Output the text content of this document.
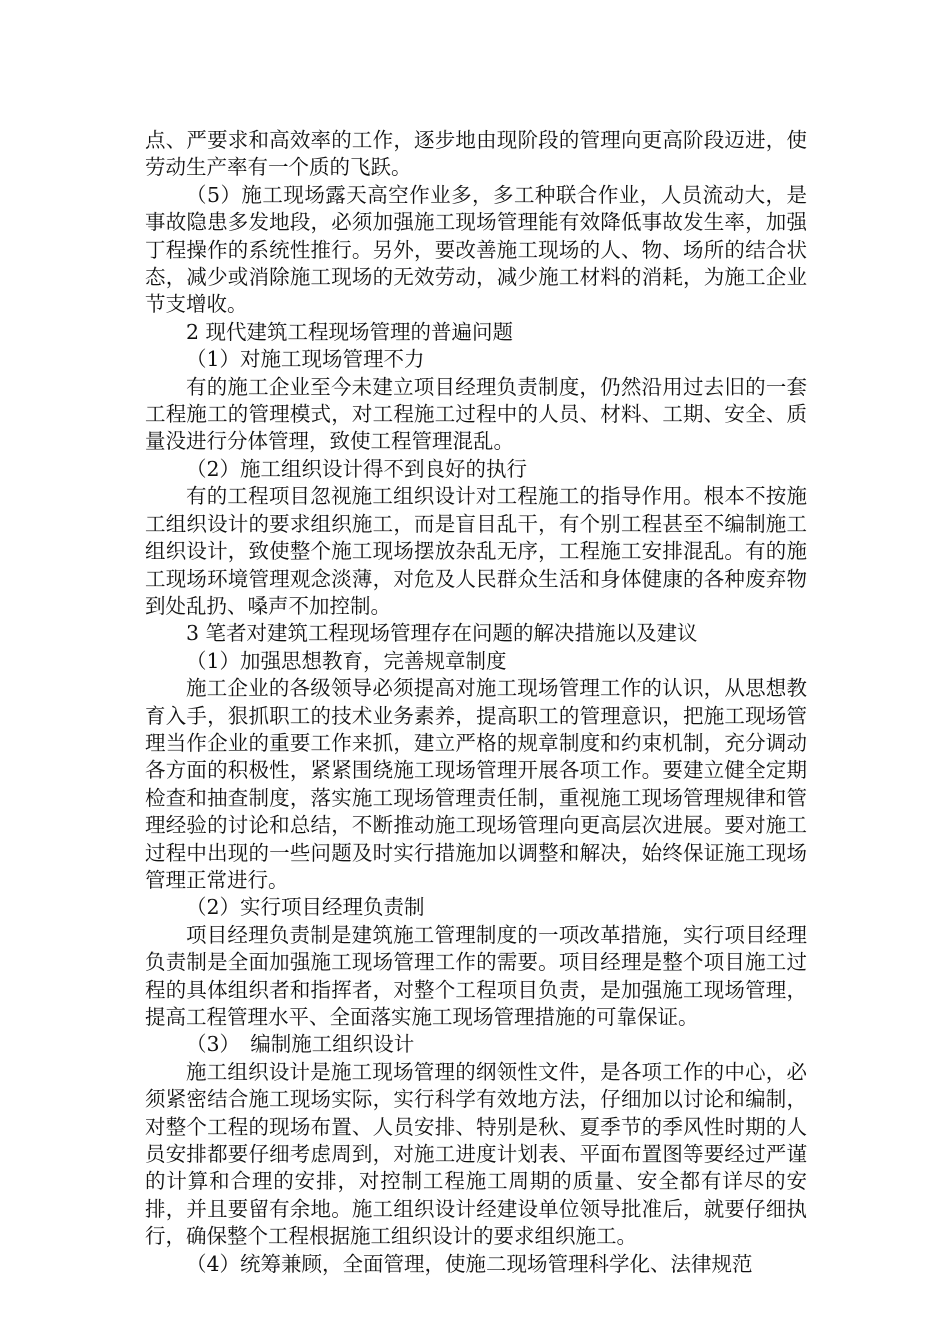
点、严要求和高效率的工作，逐步地由现阶段的管理向更高阶段迈进，使劳动生产率有一个质的飞跃。

（5）施工现场露天高空作业多，多工种联合作业，人员流动大，是事故隐患多发地段，必须加强施工现场管理能有效降低事故发生率，加强丁程操作的系统性推行。另外，要改善施工现场的人、物、场所的结合状态，减少或消除施工现场的无效劳动，减少施工材料的消耗，为施工企业节支增收。

2 现代建筑工程现场管理的普遍问题

（1）对施工现场管理不力

有的施工企业至今未建立项目经理负责制度，仍然沿用过去旧的一套工程施工的管理模式，对工程施工过程中的人员、材料、工期、安全、质量没进行分体管理，致使工程管理混乱。

（2）施工组织设计得不到良好的执行

有的工程项目忽视施工组织设计对工程施工的指导作用。根本不按施工组织设计的要求组织施工，而是盲目乱干，有个别工程甚至不编制施工组织设计，致使整个施工现场摆放杂乱无序，工程施工安排混乱。有的施工现场环境管理观念淡薄，对危及人民群众生活和身体健康的各种废弃物到处乱扔、嗓声不加控制。

3 笔者对建筑工程现场管理存在问题的解决措施以及建议

（1）加强思想教育，完善规章制度

施工企业的各级领导必须提高对施工现场管理工作的认识，从思想教育入手，狠抓职工的技术业务素养，提高职工的管理意识，把施工现场管理当作企业的重要工作来抓，建立严格的规章制度和约束机制，充分调动各方面的积极性，紧紧围绕施工现场管理开展各项工作。要建立健全定期检查和抽查制度，落实施工现场管理责任制，重视施工现场管理规律和管理经验的讨论和总结，不断推动施工现场管理向更高层次进展。要对施工过程中出现的一些问题及时实行措施加以调整和解决，始终保证施工现场管理正常进行。

（2）实行项目经理负责制

项目经理负责制是建筑施工管理制度的一项改革措施，实行项目经理负责制是全面加强施工现场管理工作的需要。项目经理是整个项目施工过程的具体组织者和指挥者，对整个工程项目负责，是加强施工现场管理，提高工程管理水平、全面落实施工现场管理措施的可靠保证。

（3）　编制施工组织设计

施工组织设计是施工现场管理的纲领性文件，是各项工作的中心，必须紧密结合施工现场实际，实行科学有效地方法，仔细加以讨论和编制，对整个工程的现场布置、人员安排、特别是秋、夏季节的季风性时期的人员安排都要仔细考虑周到，对施工进度计划表、平面布置图等要经过严谨的计算和合理的安排，对控制工程施工周期的质量、安全都有详尽的安排，并且要留有余地。施工组织设计经建设单位领导批准后，就要仔细执行，确保整个工程根据施工组织设计的要求组织施工。

（4）统筹兼顾，全面管理，使施二现场管理科学化、法律规范
